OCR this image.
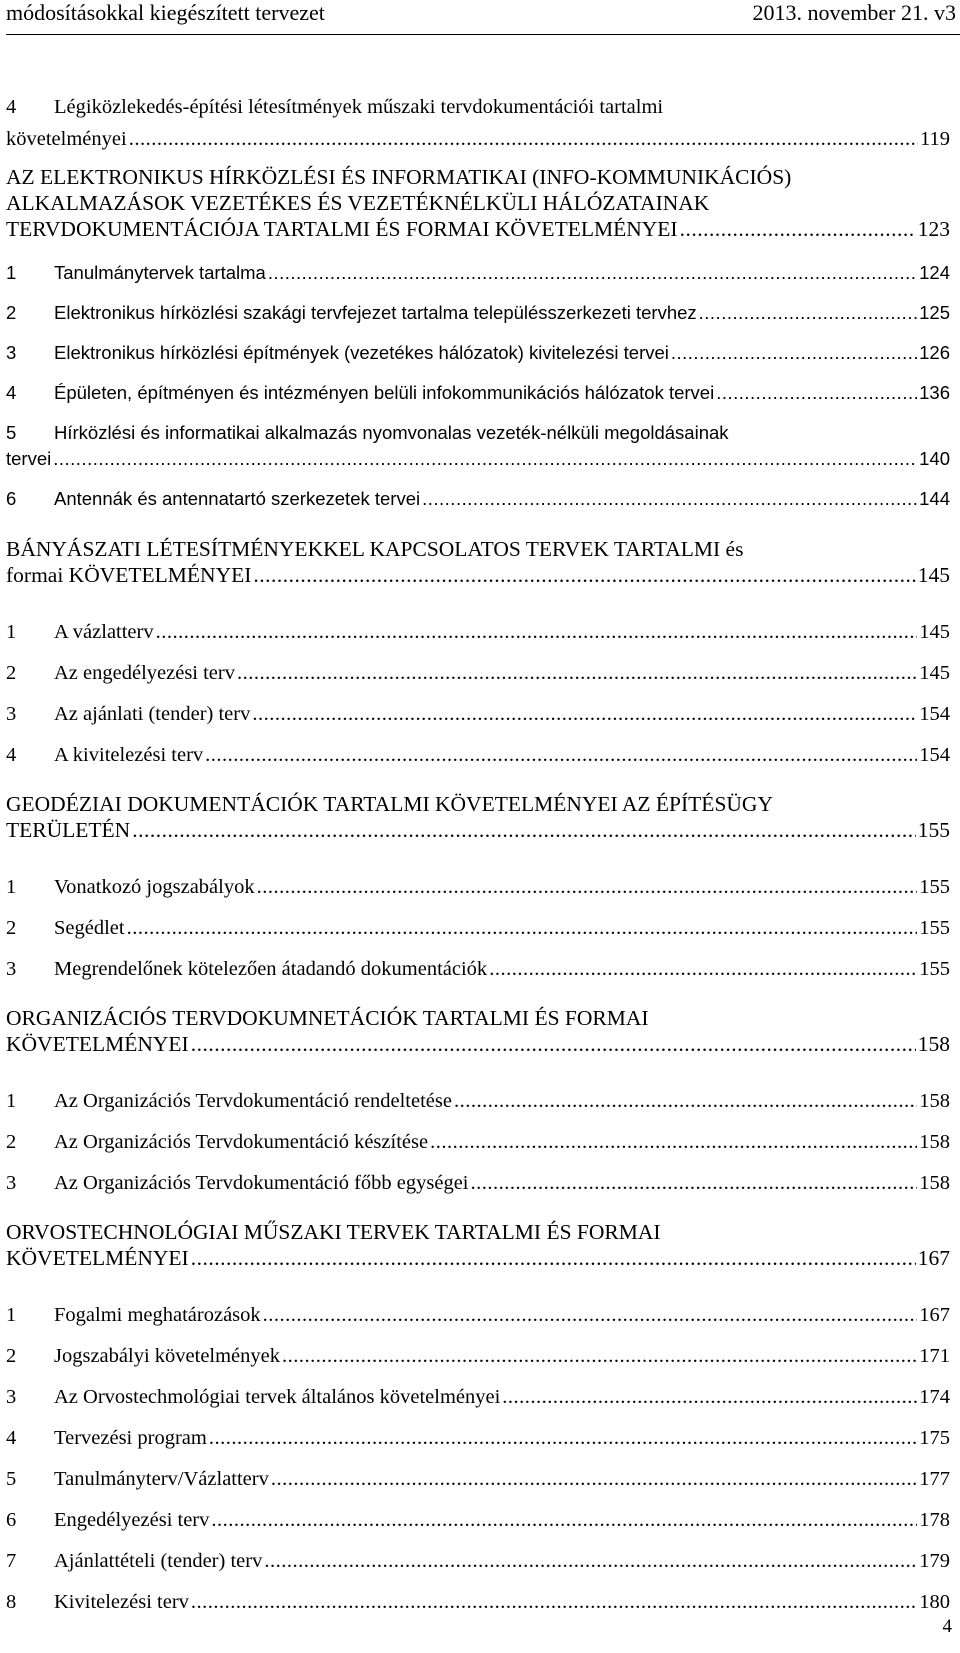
módosításokkal kiegészített tervezet	2013. november 21. v3
4	Légiközlekedés-építési létesítmények műszaki tervdokumentációi tartalmi
követelményei .....	119
AZ ELEKTRONIKUS HÍRKÖZLÉSI ÉS INFORMATIKAI (INFO-KOMMUNIKÁCIÓS)
ALKALMAZÁSOK VEZETÉKES ÉS VEZETÉKNÉLKÜLI HÁLÓZATAINAK
TERVDOKUMENTÁCIÓJA TARTALMI ÉS FORMAI KÖVETELMÉNYEI .....	123
1	Tanulmánytervek tartalma .....	124
2	Elektronikus hírközlési szakági tervfejezet tartalma településszerkezeti tervhez .....	125
3	Elektronikus hírközlési építmények (vezetékes hálózatok) kivitelezési tervei .....	126
4	Épületen, építményen és intézményen belüli infokommunikációs hálózatok tervei .....	136
5	Hírközlési és informatikai alkalmazás nyomvonalas vezeték-nélküli megoldásainak
tervei .....	140
6	Antennák és antennatartó szerkezetek tervei .....	144
BÁNYÁSZATI LÉTESÍTMÉNYEKKEL KAPCSOLATOS TERVEK TARTALMI és
formai KÖVETELMÉNYEI .....	145
1	A vázlatterv .....	145
2	Az engedélyezési terv .....	145
3	Az ajánlati (tender) terv .....	154
4	A kivitelezési terv .....	154
GEODÉZIAI DOKUMENTÁCIÓK TARTALMI KÖVETELMÉNYEI AZ ÉPÍTÉSÜGY
TERÜLETÉN .....	155
1	Vonatkozó jogszabályok .....	155
2	Segédlet .....	155
3	Megrendelőnek kötelezően átadandó dokumentációk .....	155
ORGANIZÁCIÓS TERVDOKUMNETÁCIÓK TARTALMI ÉS FORMAI
KÖVETELMÉNYEI .....	158
1	Az Organizációs Tervdokumentáció rendeltetése .....	158
2	Az Organizációs Tervdokumentáció készítése .....	158
3	Az Organizációs Tervdokumentáció főbb egységei .....	158
ORVOSTECHNOLÓGIAI MŰSZAKI TERVEK TARTALMI ÉS FORMAI
KÖVETELMÉNYEI .....	167
1	Fogalmi meghatározások .....	167
2	Jogszabályi követelmények .....	171
3	Az Orvostechmológiai tervek általános követelményei .....	174
4	Tervezési program .....	175
5	Tanulmányterv/Vázlatterv .....	177
6	Engedélyezési terv .....	178
7	Ajánlattételi (tender) terv .....	179
8	Kivitelezési terv .....	180
4
